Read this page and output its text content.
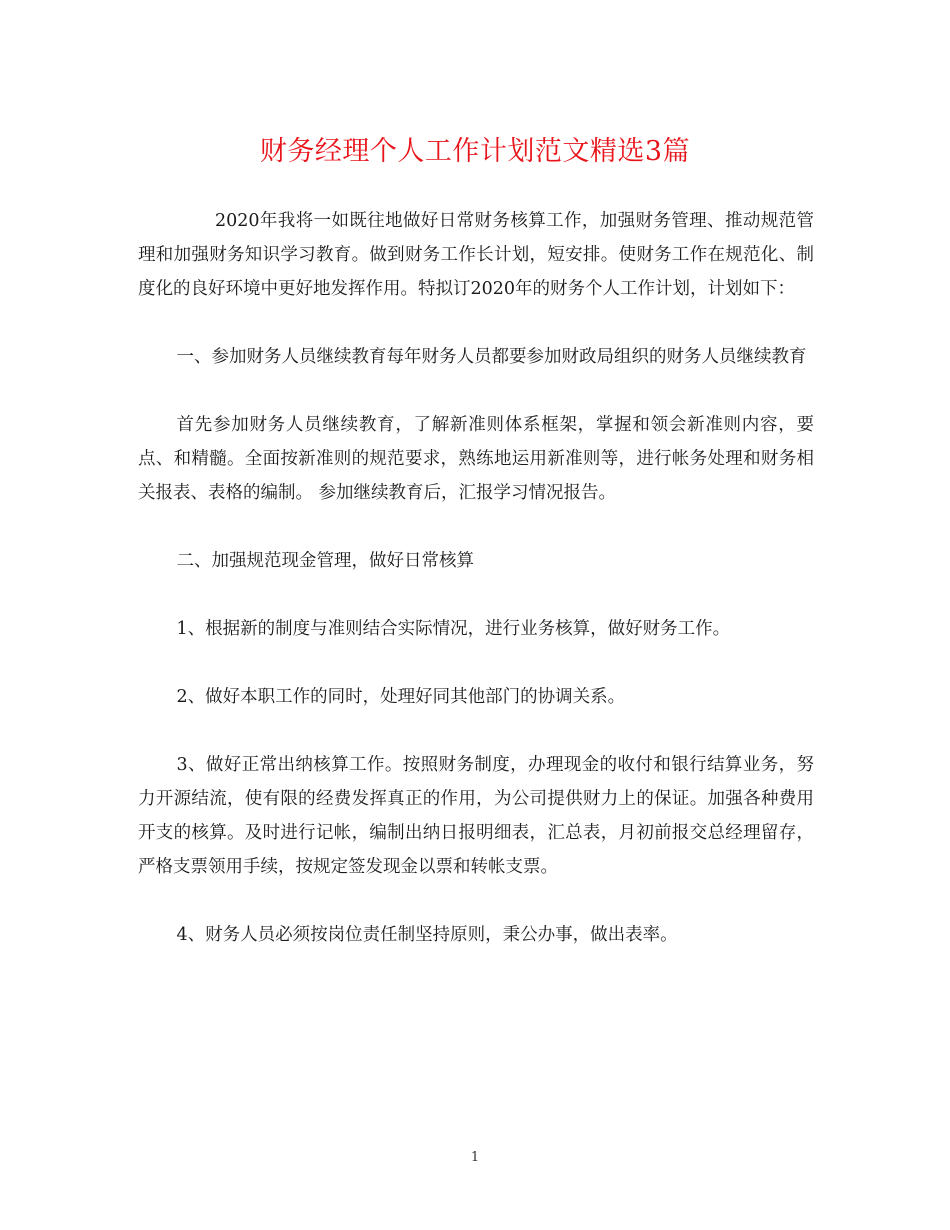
财务经理个人工作计划范文精选3篇

2020年我将一如既往地做好日常财务核算工作，加强财务管理、推动规范管理和加强财务知识学习教育。做到财务工作长计划，短安排。使财务工作在规范化、制度化的良好环境中更好地发挥作用。特拟订2020年的财务个人工作计划，计划如下：

一、参加财务人员继续教育每年财务人员都要参加财政局组织的财务人员继续教育

首先参加财务人员继续教育，了解新准则体系框架，掌握和领会新准则内容，要点、和精髓。全面按新准则的规范要求，熟练地运用新准则等，进行帐务处理和财务相关报表、表格的编制。 参加继续教育后，汇报学习情况报告。

二、加强规范现金管理，做好日常核算

1、根据新的制度与准则结合实际情况，进行业务核算，做好财务工作。

2、做好本职工作的同时，处理好同其他部门的协调关系。

3、做好正常出纳核算工作。按照财务制度，办理现金的收付和银行结算业务，努力开源结流，使有限的经费发挥真正的作用，为公司提供财力上的保证。加强各种费用开支的核算。及时进行记帐，编制出纳日报明细表，汇总表，月初前报交总经理留存，严格支票领用手续，按规定签发现金以票和转帐支票。

4、财务人员必须按岗位责任制坚持原则，秉公办事，做出表率。

1
